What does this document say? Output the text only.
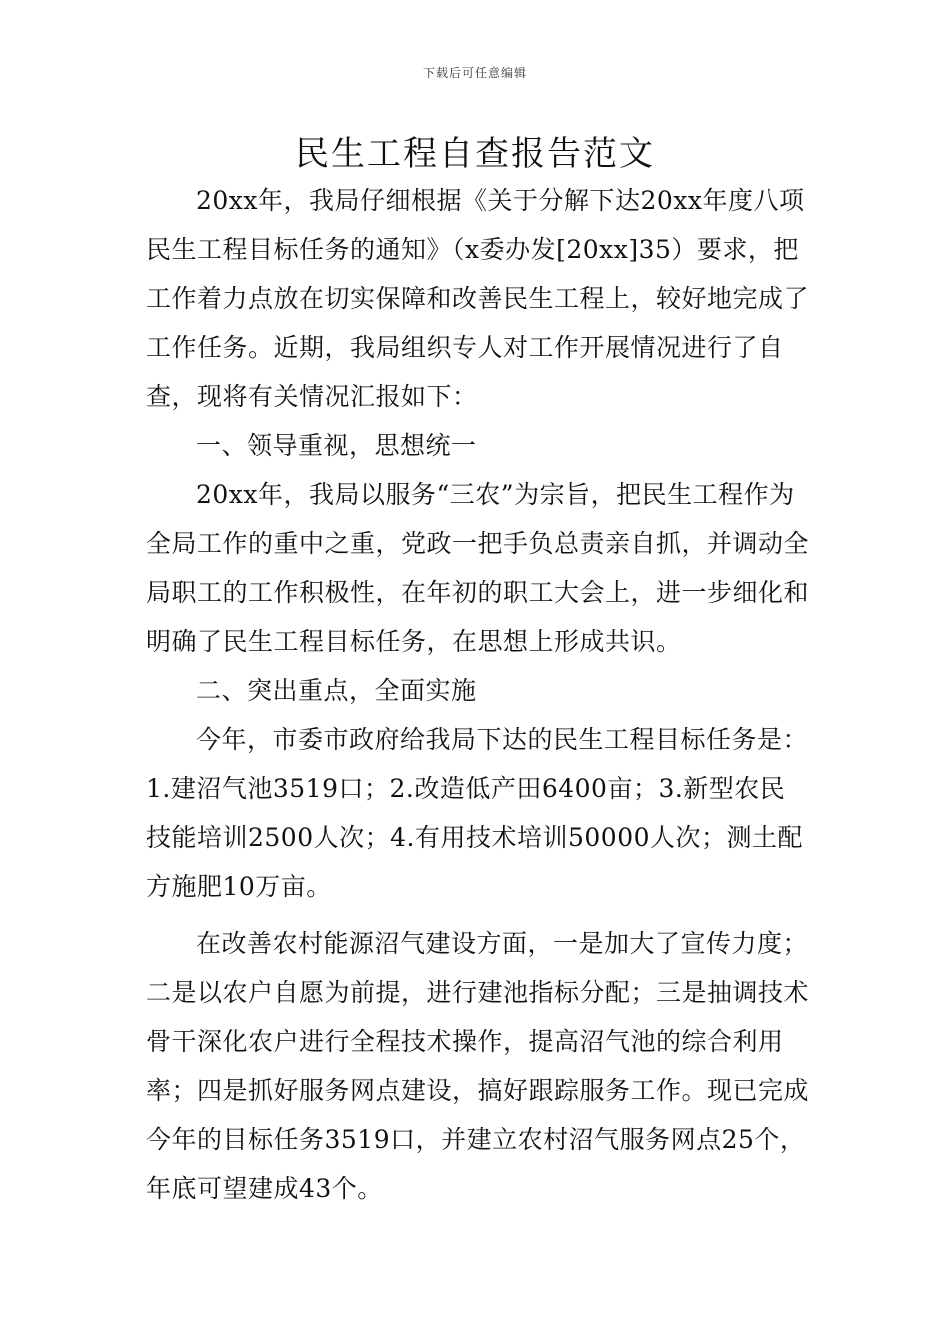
下载后可任意编辑
民生工程自查报告范文

20xx年，我局仔细根据《关于分解下达20xx年度八项民生工程目标任务的通知》（x委办发[20xx]35）要求，把工作着力点放在切实保障和改善民生工程上，较好地完成了工作任务。近期，我局组织专人对工作开展情况进行了自查，现将有关情况汇报如下：

一、领导重视，思想统一

20xx年，我局以服务“三农”为宗旨，把民生工程作为全局工作的重中之重，党政一把手负总责亲自抓，并调动全局职工的工作积极性，在年初的职工大会上，进一步细化和明确了民生工程目标任务，在思想上形成共识。

二、突出重点，全面实施

今年，市委市政府给我局下达的民生工程目标任务是：1.建沼气池3519口；2.改造低产田6400亩；3.新型农民技能培训2500人次；4.有用技术培训50000人次；测土配方施肥10万亩。

在改善农村能源沼气建设方面，一是加大了宣传力度；二是以农户自愿为前提，进行建池指标分配；三是抽调技术骨干深化农户进行全程技术操作，提高沼气池的综合利用率；四是抓好服务网点建设，搞好跟踪服务工作。现已完成今年的目标任务3519口，并建立农村沼气服务网点25个，年底可望建成43个。
